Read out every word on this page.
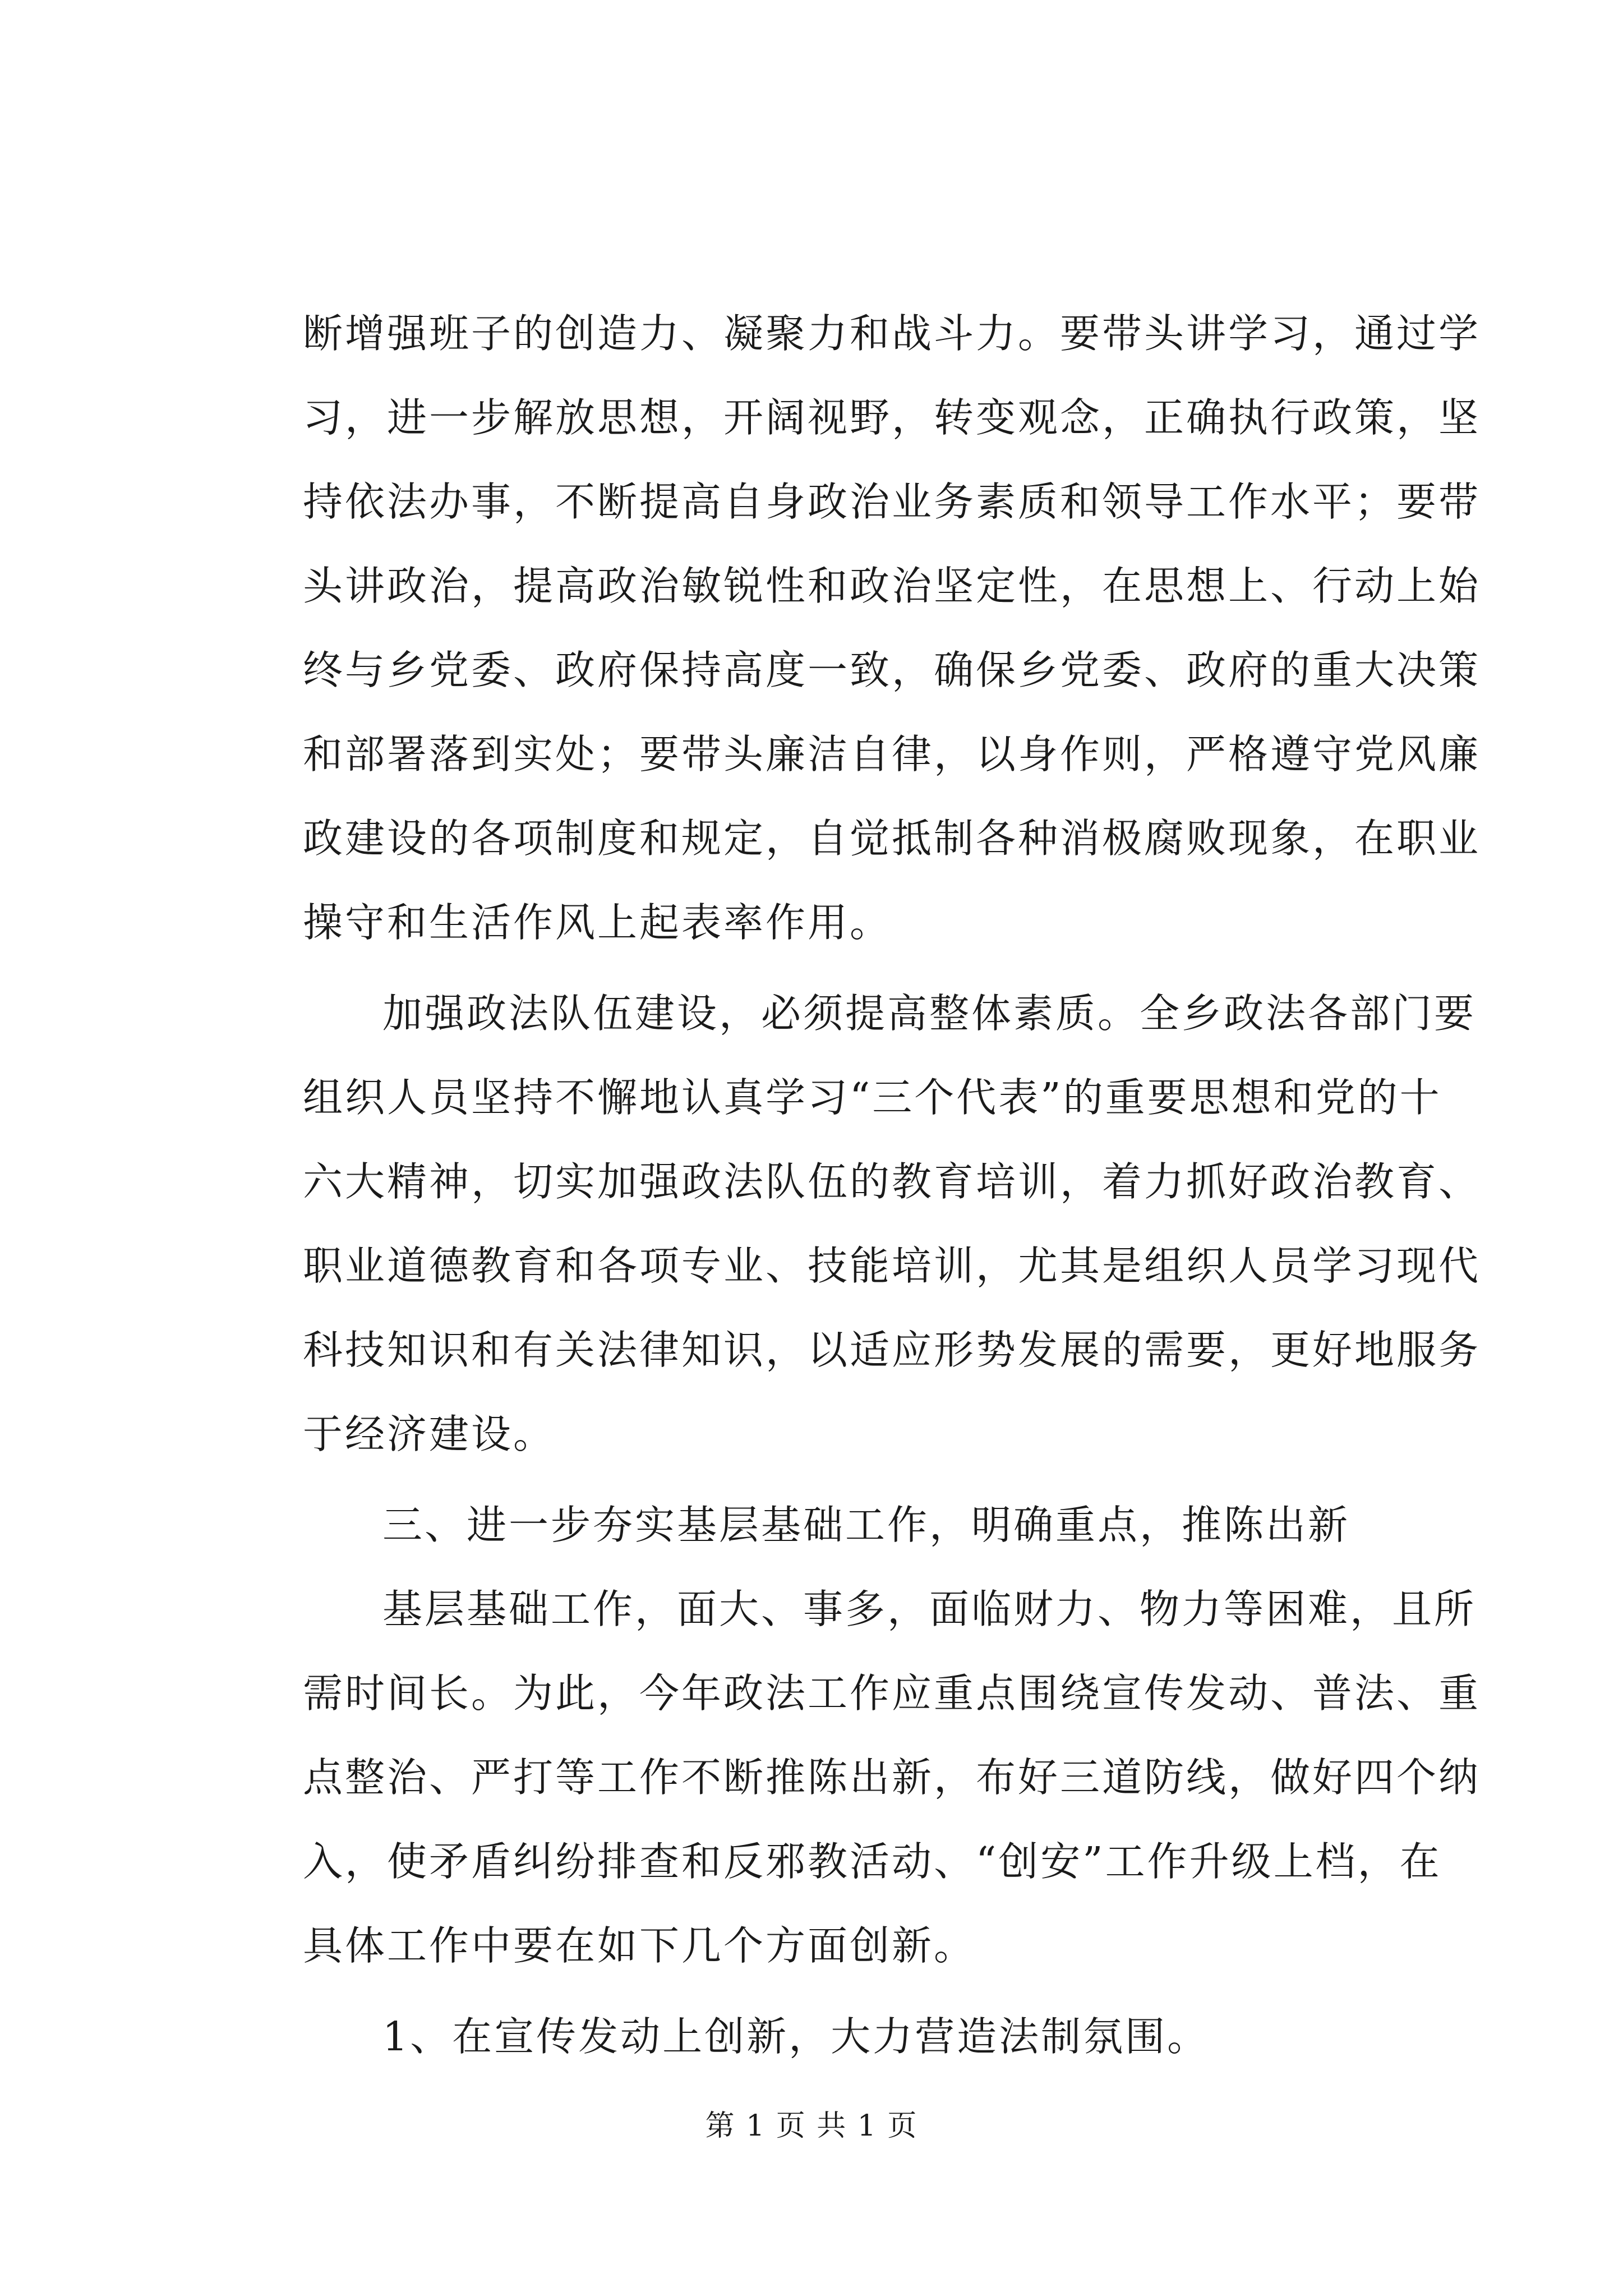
断增强班子的创造力、凝聚力和战斗力。要带头讲学习，通过学

习，进一步解放思想，开阔视野，转变观念，正确执行政策，坚

持依法办事，不断提高自身政治业务素质和领导工作水平；要带

头讲政治，提高政治敏锐性和政治坚定性，在思想上、行动上始

终与乡党委、政府保持高度一致，确保乡党委、政府的重大决策

和部署落到实处；要带头廉洁自律，以身作则，严格遵守党风廉

政建设的各项制度和规定，自觉抵制各种消极腐败现象，在职业

操守和生活作风上起表率作用。

加强政法队伍建设，必须提高整体素质。全乡政法各部门要

组织人员坚持不懈地认真学习“三个代表”的重要思想和党的十

六大精神，切实加强政法队伍的教育培训，着力抓好政治教育、

职业道德教育和各项专业、技能培训，尤其是组织人员学习现代

科技知识和有关法律知识，以适应形势发展的需要，更好地服务

于经济建设。

三、进一步夯实基层基础工作，明确重点，推陈出新

基层基础工作，面大、事多，面临财力、物力等困难，且所

需时间长。为此，今年政法工作应重点围绕宣传发动、普法、重

点整治、严打等工作不断推陈出新，布好三道防线，做好四个纳

入，使矛盾纠纷排查和反邪教活动、“创安”工作升级上档，在

具体工作中要在如下几个方面创新。

1、在宣传发动上创新，大力营造法制氛围。

第 1 页 共 1 页
